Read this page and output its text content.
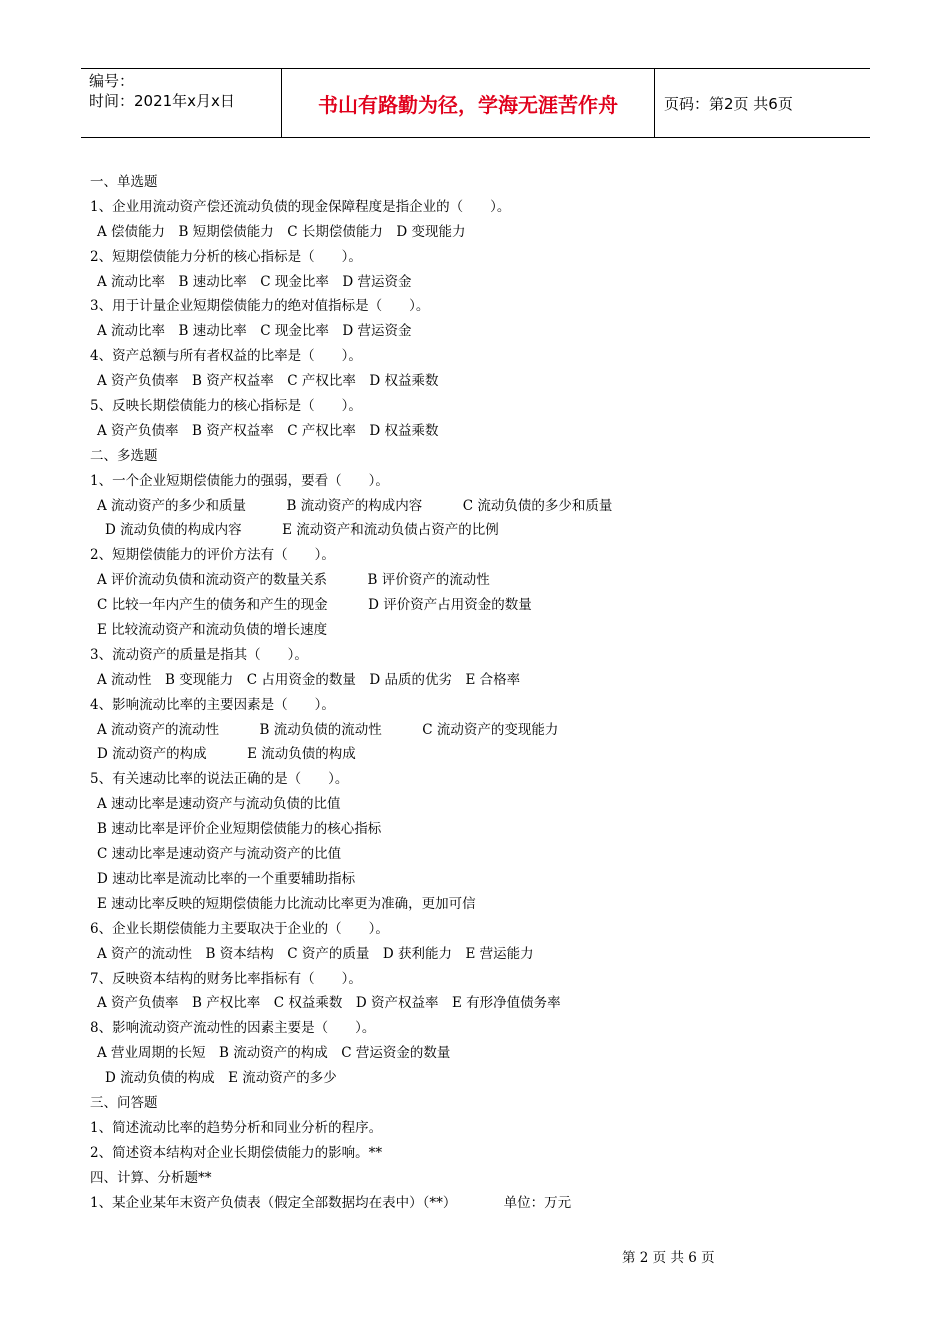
编号：
时间：2021年x月x日	书山有路勤为径，学海无涯苦作舟	页码：第2页 共6页
一、单选题
1、企业用流动资产偿还流动负债的现金保障程度是指企业的（　　）。
A 偿债能力　B 短期偿债能力　C 长期偿债能力　D 变现能力
2、短期偿债能力分析的核心指标是（　　）。
A 流动比率　B 速动比率　C 现金比率　D 营运资金
3、用于计量企业短期偿债能力的绝对值指标是（　　）。
A 流动比率　B 速动比率　C 现金比率　D 营运资金
4、资产总额与所有者权益的比率是（　　）。
A 资产负债率　B 资产权益率　C 产权比率　D 权益乘数
5、反映长期偿债能力的核心指标是（　　）。
A 资产负债率　B 资产权益率　C 产权比率　D 权益乘数
二、多选题
1、一个企业短期偿债能力的强弱，要看（　　）。
A 流动资产的多少和质量　　　B 流动资产的构成内容　　　C 流动负债的多少和质量
D 流动负债的构成内容　　　E 流动资产和流动负债占资产的比例
2、短期偿债能力的评价方法有（　　）。
A 评价流动负债和流动资产的数量关系　　　B 评价资产的流动性
C 比较一年内产生的债务和产生的现金　　　D 评价资产占用资金的数量
E 比较流动资产和流动负债的增长速度
3、流动资产的质量是指其（　　）。
A 流动性　B 变现能力　C 占用资金的数量　D 品质的优劣　E 合格率
4、影响流动比率的主要因素是（　　）。
A 流动资产的流动性　　　B 流动负债的流动性　　　C 流动资产的变现能力
D 流动资产的构成　　　E 流动负债的构成
5、有关速动比率的说法正确的是（　　）。
A 速动比率是速动资产与流动负债的比值
B 速动比率是评价企业短期偿债能力的核心指标
C 速动比率是速动资产与流动资产的比值
D 速动比率是流动比率的一个重要辅助指标
E 速动比率反映的短期偿债能力比流动比率更为准确，更加可信
6、企业长期偿债能力主要取决于企业的（　　）。
A 资产的流动性　B 资本结构　C 资产的质量　D 获利能力　E 营运能力
7、反映资本结构的财务比率指标有（　　）。
A 资产负债率　B 产权比率　C 权益乘数　D 资产权益率　E 有形净值债务率
8、影响流动资产流动性的因素主要是（　　）。
A 营业周期的长短　B 流动资产的构成　C 营运资金的数量
D 流动负债的构成　E 流动资产的多少
三、问答题
1、简述流动比率的趋势分析和同业分析的程序。
2、简述资本结构对企业长期偿债能力的影响。**
四、计算、分析题**
1、某企业某年末资产负债表（假定全部数据均在表中）（**）　　　　单位：万元
第 2 页 共 6 页
